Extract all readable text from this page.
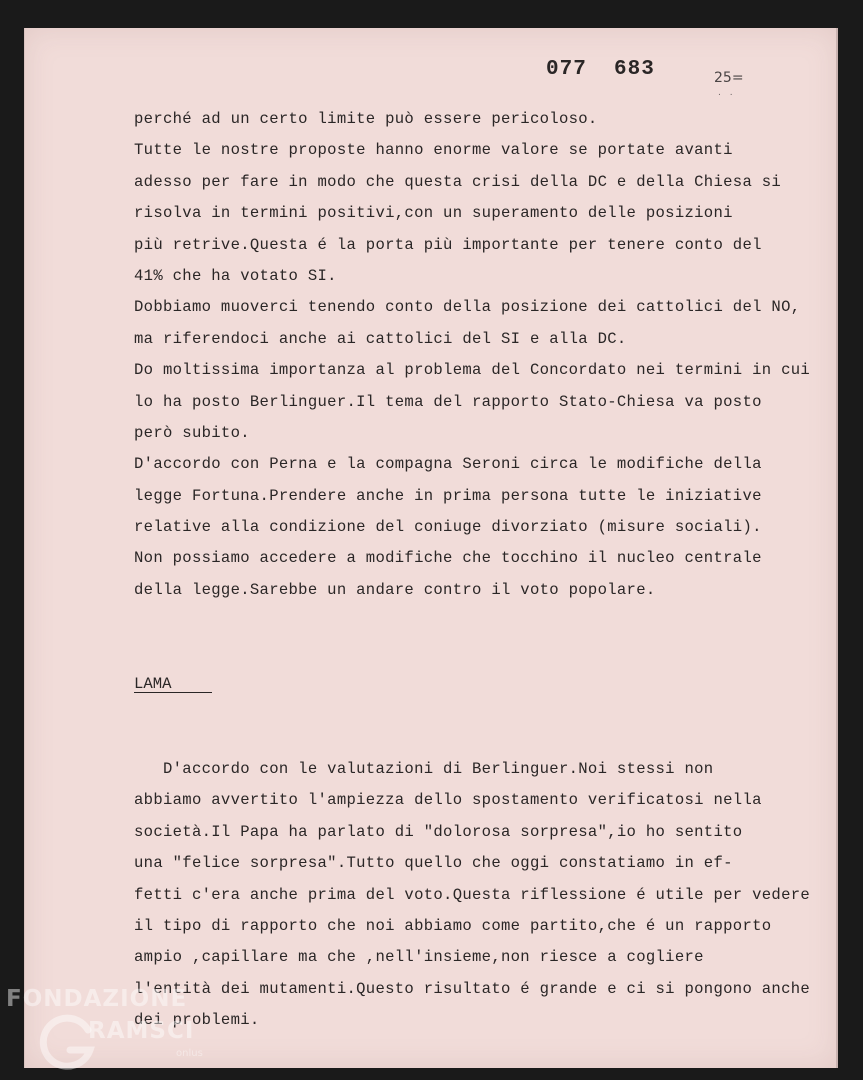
077  683	25=
. .
perché ad un certo limite può essere pericoloso.
Tutte le nostre proposte hanno enorme valore se portate avanti
adesso per fare in modo che questa crisi della DC e della Chiesa si
risolva in termini positivi,con un superamento delle posizioni
più retrive.Questa é la porta più importante per tenere conto del
41% che ha votato SI.
Dobbiamo muoverci tenendo conto della posizione dei cattolici del NO,
ma riferendoci anche ai cattolici del SI e alla DC.
Do moltissima importanza al problema del Concordato nei termini in cui
lo ha posto Berlinguer.Il tema del rapporto Stato-Chiesa va posto
però subito.
D'accordo con Perna e la compagna Seroni circa le modifiche della
legge Fortuna.Prendere anche in prima persona tutte le iniziative
relative alla condizione del coniuge divorziato (misure sociali).
Non possiamo accedere a modifiche che tocchino il nucleo centrale
della legge.Sarebbe un andare contro il voto popolare.
LAMA
D'accordo con le valutazioni di Berlinguer.Noi stessi non
abbiamo avvertito l'ampiezza dello spostamento verificatosi nella
società.Il Papa ha parlato di "dolorosa sorpresa",io ho sentito
una "felice sorpresa".Tutto quello che oggi constatiamo in ef-
fetti c'era anche prima del voto.Questa riflessione é utile per vedere
il tipo di rapporto che noi abbiamo come partito,che é un rapporto
ampio ,capillare ma che ,nell'insieme,non riesce a cogliere
l'entità dei mutamenti.Questo risultato é grande e ci si pongono anche
dei problemi.
FONDAZIONE
RAMSCI
onlus
